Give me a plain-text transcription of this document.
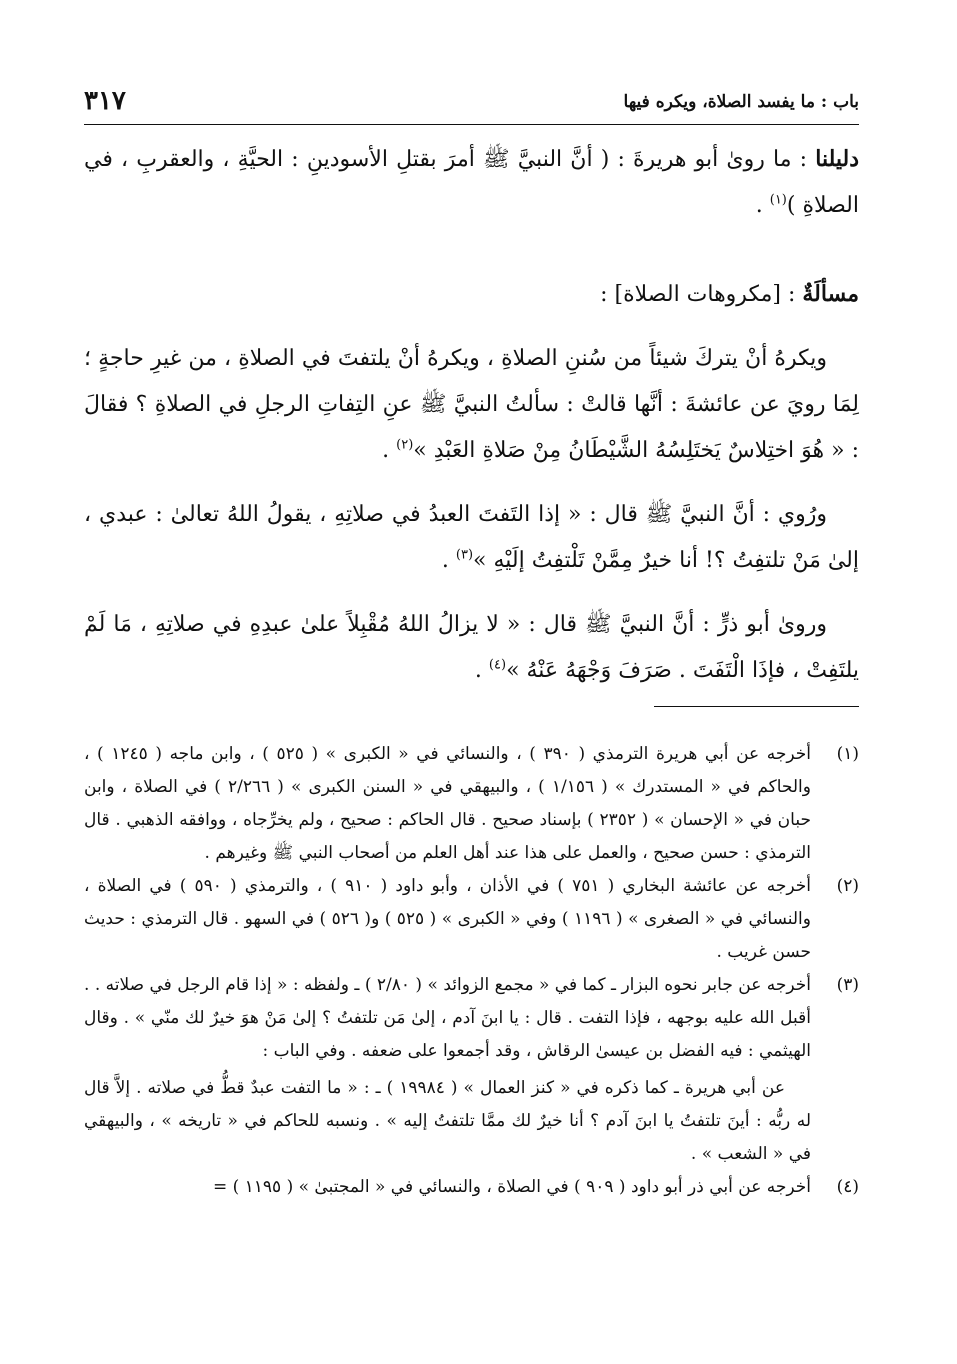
باب : ما يفسد الصلاة، ويكره فيها
٣١٧

دليلنا : ما رویٰ أبو هريرةَ : ( أنَّ النبيَّ ﷺ أمرَ بقتلِ الأسودينِ : الحيَّةِ ، والعقربِ ، في الصلاةِ )$^{(١)}$ .

مسألَةٌ : [مكروهات الصلاة] :

ويكرهُ أنْ يتركَ شيئاً من سُننِ الصلاةِ ، ويكرهُ أنْ يلتفتَ في الصلاةِ ، من غيرِ حاجةٍ ؛ لِمَا رويَ عن عائشةَ : أنَّها قالتْ : سألتُ النبيَّ ﷺ عنِ التِفاتِ الرجلِ في الصلاةِ ؟ فقالَ : « هُوَ اختِلاسٌ يَختَلِسُهُ الشَّيْطَانُ مِنْ صَلاةِ العَبْدِ »$^{(٢)}$ .

ورُوي : أنَّ النبيَّ ﷺ قال : « إذا التَفتَ العبدُ في صلاتِهِ ، يقولُ اللهُ تعالىٰ : عبدي ، إلىٰ مَنْ تلتفِتُ ؟! أنا خيرٌ مِمَّنْ تَلْتفِتُ إلَيْهِ »$^{(٣)}$ .

ورویٰ أبو ذرٍّ : أنَّ النبيَّ ﷺ قال : « لا يزالُ اللهُ مُقْبِلاً علىٰ عبدِهِ في صلاتِهِ ، مَا لَمْ يلتَفِتْ ، فإذَا الْتَفَتَ . صَرَفَ وَجْهَهُ عَنْهُ »$^{(٤)}$ .

(١)

أخرجه عن أبي هريرة الترمذي ( ٣٩٠ ) ، والنسائي في « الكبرى » ( ٥٢٥ ) ، وابن ماجه ( ١٢٤٥ ) ، والحاكم في « المستدرك » ( ١/١٥٦ ) ، والبيهقي في « السنن الكبرى » ( ٢/٢٦٦ ) في الصلاة ، وابن حبان في « الإحسان » ( ٢٣٥٢ ) بإسناد صحيح . قال الحاكم : صحيح ، ولم يخرِّجاه ، ووافقه الذهبي . قال الترمذي : حسن صحيح ، والعمل على هذا عند أهل العلم من أصحاب النبي ﷺ وغيرهم .

(٢)

أخرجه عن عائشة البخاري ( ٧٥١ ) في الأذان ، وأبو داود ( ٩١٠ ) ، والترمذي ( ٥٩٠ ) في الصلاة ، والنسائي في « الصغرى » ( ١١٩٦ ) وفي « الكبرى » ( ٥٢٥ ) و( ٥٢٦ ) في السهو . قال الترمذي : حديث حسن غريب .

(٣)

أخرجه عن جابر نحوه البزار ـ كما في « مجمع الزوائد » ( ٢/٨٠ ) ـ ولفظه : « إذا قام الرجل في صلاته . . أقبل الله عليه بوجهه ، فإذا التفت . قال : يا ابنَ آدم ، إلىٰ مَن تلتفتُ ؟ إلىٰ مَنْ هوَ خيرٌ لك منّي » . وقال الهيثمي : فيه الفضل بن عيسىٰ الرقاش ، وقد أجمعوا على ضعفه . وفي الباب :

عن أبي هريرة ـ كما ذكره في « كنز العمال » ( ١٩٩٨٤ ) ـ : « ما التفت عبدٌ قطُّ في صلاته . إلاَّ قال له ربُّه : أينَ تلتفتُ يا ابنَ آدم ؟ أنا خيرٌ لك ممَّا تلتفتُ إليه » . ونسبه للحاكم في « تاريخه » ، والبيهقي في « الشعب » .

(٤)

أخرجه عن أبي ذر أبو داود ( ٩٠٩ ) في الصلاة ، والنسائي في « المجتبىٰ » ( ١١٩٥ ) =
